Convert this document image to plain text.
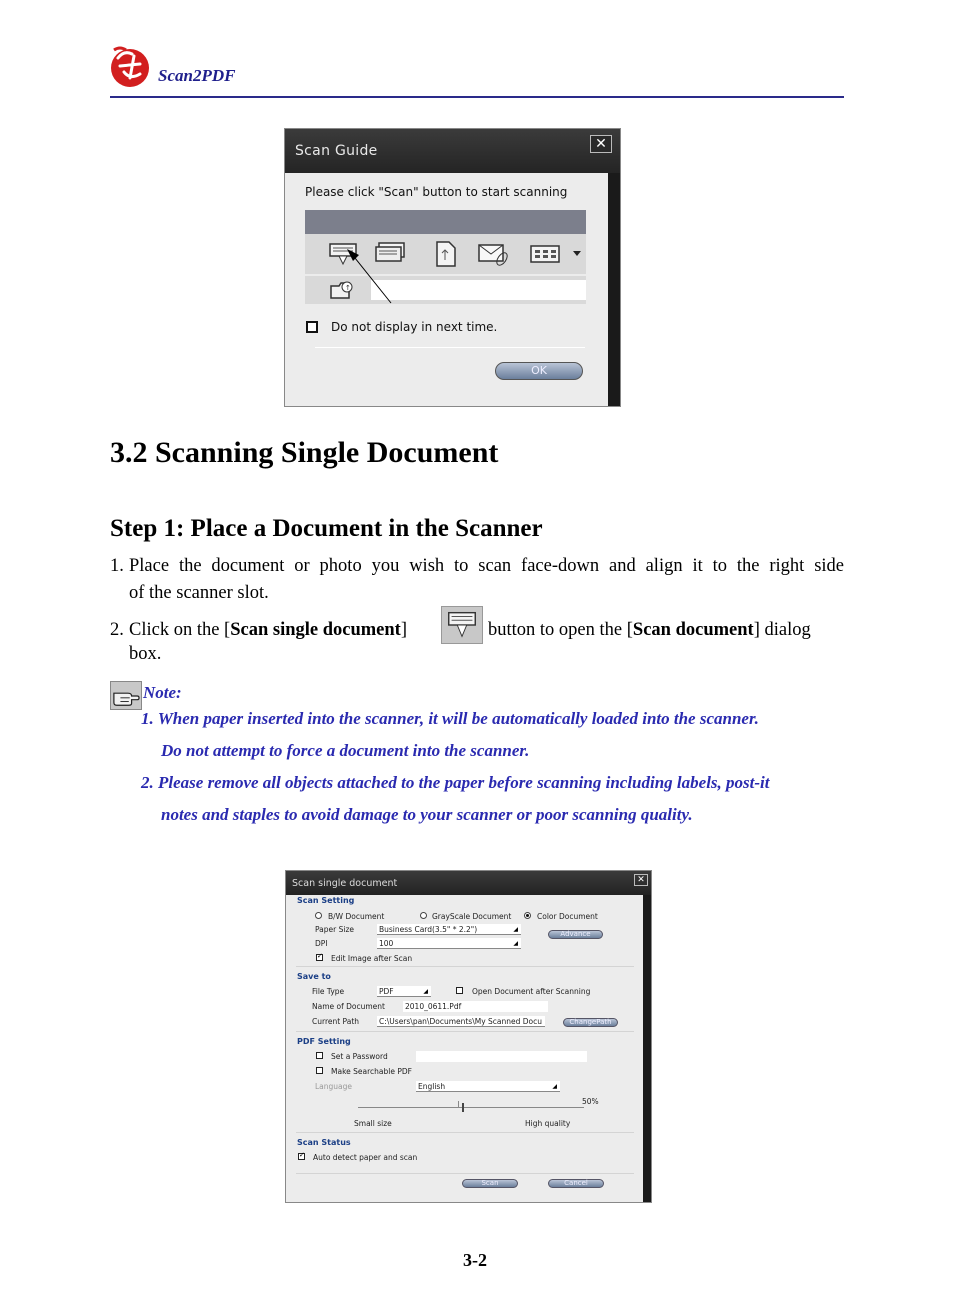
Scan2PDF
Scan Guide	✕
Please click "Scan" button to start scanning
↑
Do not display in next time.
OK
3.2 Scanning Single Document
Step 1: Place a Document in the Scanner
1. Place the document or photo you wish to scan face-down and align it to the right side
of the scanner slot.
2. Click on the [Scan single document]	button to open the [Scan document] dialog
box.
Note:
1. When paper inserted into the scanner, it will be automatically loaded into the scanner.
Do not attempt to force a document into the scanner.
2. Please remove all objects attached to the paper before scanning including labels, post-it
notes and staples to avoid damage to your scanner or poor scanning quality.
Scan single document	✕
Scan Setting
B/W Document	GrayScale Document	Color Document
Paper Size	Business Card(3.5" * 2.2")	◢
DPI	100	◢
Advance
✓
Edit Image after Scan
Save to
File Type	PDF	◢	Open Document after Scanning
Name of Document	2010_0611.Pdf
Current Path	C:\Users\pan\Documents\My Scanned Docu	ChangePath
PDF Setting
Set a Password
Make Searchable PDF
Language	English	◢
50%
Small size	High quality
Scan Status
✓
Auto detect paper and scan
Scan	Cancel
3-2
